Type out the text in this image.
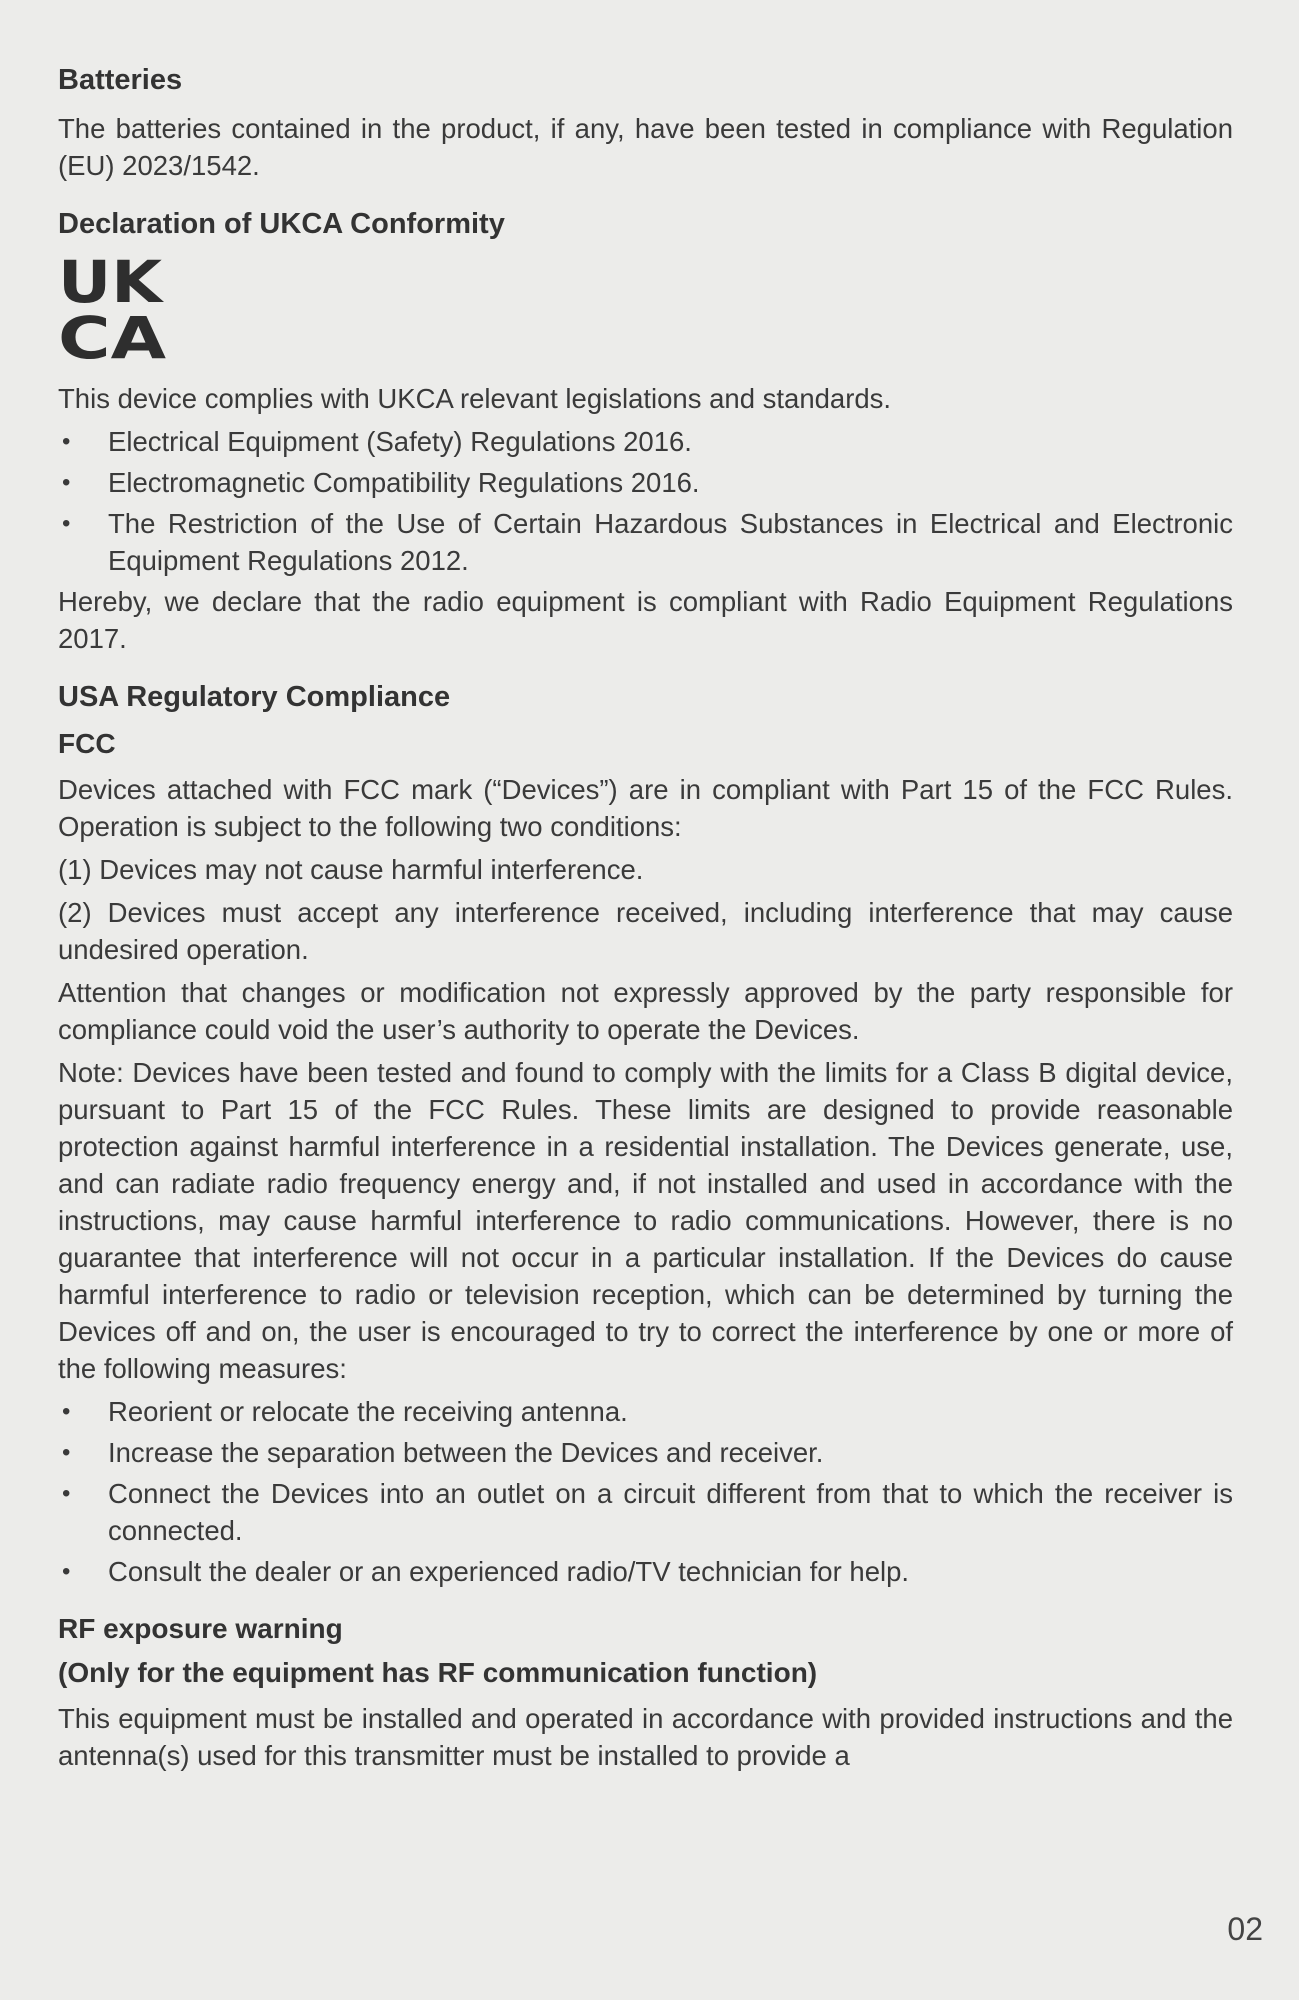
Batteries

The batteries contained in the product, if any, have been tested in compliance with Regulation (EU) 2023/1542.

Declaration of UKCA Conformity
UK
CA

This device complies with UKCA relevant legislations and standards.

• Electrical Equipment (Safety) Regulations 2016.
• Electromagnetic Compatibility Regulations 2016.
• The Restriction of the Use of Certain Hazardous Substances in Electrical and Electronic Equipment Regulations 2012.

Hereby, we declare that the radio equipment is compliant with Radio Equipment Regulations 2017.

USA Regulatory Compliance
FCC

Devices attached with FCC mark (“Devices”) are in compliant with Part 15 of the FCC Rules. Operation is subject to the following two conditions:

(1) Devices may not cause harmful interference.

(2) Devices must accept any interference received, including interference that may cause undesired operation.

Attention that changes or modification not expressly approved by the party responsible for compliance could void the user’s authority to operate the Devices.

Note: Devices have been tested and found to comply with the limits for a Class B digital device, pursuant to Part 15 of the FCC Rules. These limits are designed to provide reasonable protection against harmful interference in a residential installation. The Devices generate, use, and can radiate radio frequency energy and, if not installed and used in accordance with the instructions, may cause harmful interference to radio communications. However, there is no guarantee that interference will not occur in a particular installation. If the Devices do cause harmful interference to radio or television reception, which can be determined by turning the Devices off and on, the user is encouraged to try to correct the interference by one or more of the following measures:

• Reorient or relocate the receiving antenna.
• Increase the separation between the Devices and receiver.
• Connect the Devices into an outlet on a circuit different from that to which the receiver is connected.
• Consult the dealer or an experienced radio/TV technician for help.
RF exposure warning
(Only for the equipment has RF communication function)

This equipment must be installed and operated in accordance with provided instructions and the antenna(s) used for this transmitter must be installed to provide a

02
